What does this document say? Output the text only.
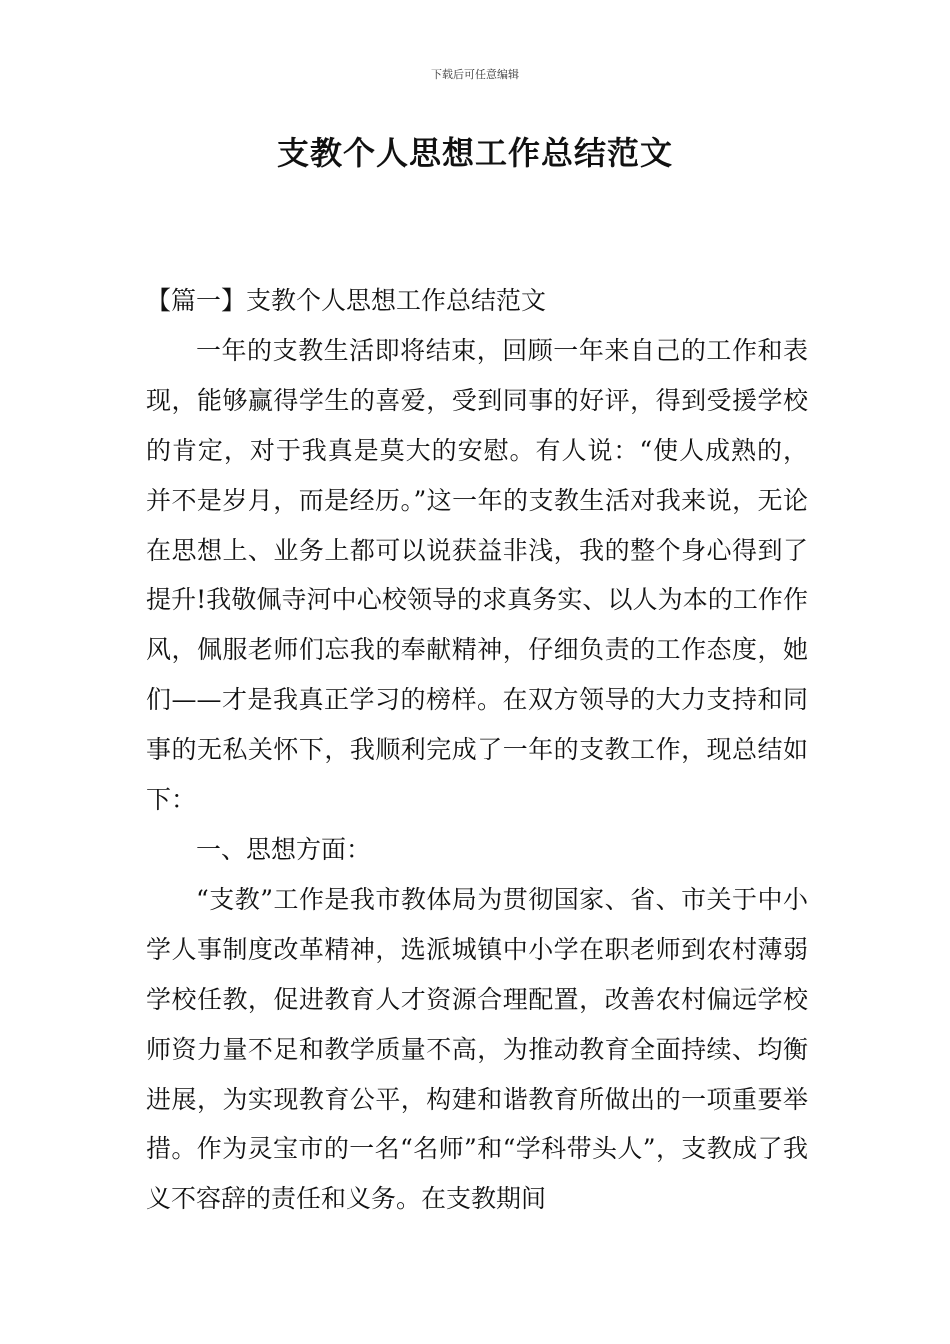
下载后可任意编辑
支教个人思想工作总结范文

【篇一】支教个人思想工作总结范文

一年的支教生活即将结束，回顾一年来自己的工作和表现，能够赢得学生的喜爱，受到同事的好评，得到受援学校的肯定，对于我真是莫大的安慰。有人说：“使人成熟的，并不是岁月，而是经历。”这一年的支教生活对我来说，无论在思想上、业务上都可以说获益非浅，我的整个身心得到了提升!我敬佩寺河中心校领导的求真务实、以人为本的工作作风，佩服老师们忘我的奉献精神，仔细负责的工作态度，她们——才是我真正学习的榜样。在双方领导的大力支持和同事的无私关怀下，我顺利完成了一年的支教工作，现总结如下：

一、思想方面：

“支教”工作是我市教体局为贯彻国家、省、市关于中小学人事制度改革精神，选派城镇中小学在职老师到农村薄弱学校任教，促进教育人才资源合理配置，改善农村偏远学校师资力量不足和教学质量不高，为推动教育全面持续、均衡进展，为实现教育公平，构建和谐教育所做出的一项重要举措。作为灵宝市的一名“名师”和“学科带头人”，支教成了我义不容辞的责任和义务。在支教期间
